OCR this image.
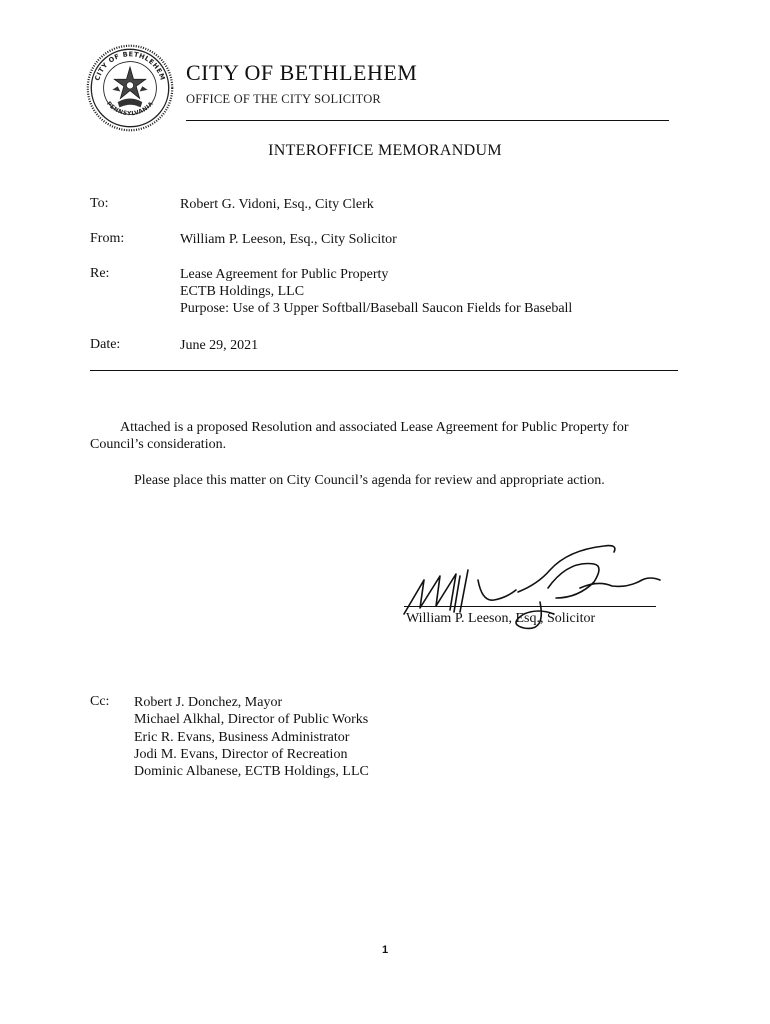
CITY OF BETHLEHEM
PENNSYLVANIA
CITY OF BETHLEHEM
OFFICE OF THE CITY SOLICITOR
INTEROFFICE MEMORANDUM
To:	Robert G. Vidoni, Esq., City Clerk
From:	William P. Leeson, Esq., City Solicitor
Re:	Lease Agreement for Public Property
ECTB Holdings, LLC
Purpose: Use of 3 Upper Softball/Baseball Saucon Fields for Baseball
Date:	June 29, 2021
Attached is a proposed Resolution and associated Lease Agreement for Public Property for Council’s consideration.
Please place this matter on City Council’s agenda for review and appropriate action.
William P. Leeson, Esq., Solicitor
Cc: Robert J. Donchez, Mayor
Michael Alkhal, Director of Public Works
Eric R. Evans, Business Administrator
Jodi M. Evans, Director of Recreation
Dominic Albanese, ECTB Holdings, LLC
1
